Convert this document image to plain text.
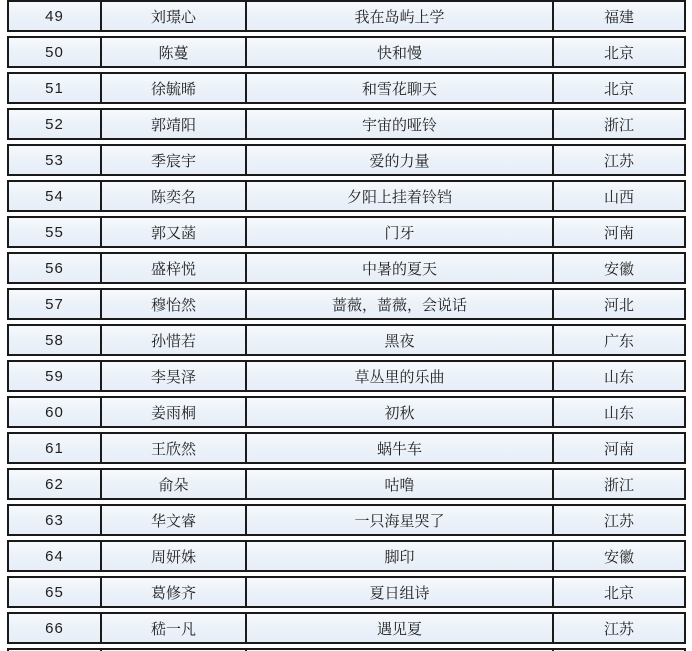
49	刘璟心	我在岛屿上学	福建
50	陈蔓	快和慢	北京
51	徐毓晞	和雪花聊天	北京
52	郭靖阳	宇宙的哑铃	浙江
53	季宸宇	爱的力量	江苏
54	陈奕名	夕阳上挂着铃铛	山西
55	郭又菡	门牙	河南
56	盛梓悦	中暑的夏天	安徽
57	穆怡然	蔷薇，蔷薇，会说话	河北
58	孙惜若	黑夜	广东
59	李昊泽	草丛里的乐曲	山东
60	姜雨桐	初秋	山东
61	王欣然	蜗牛车	河南
62	俞朵	咕噜	浙江
63	华文睿	一只海星哭了	江苏
64	周妍姝	脚印	安徽
65	葛修齐	夏日组诗	北京
66	嵇一凡	遇见夏	江苏
